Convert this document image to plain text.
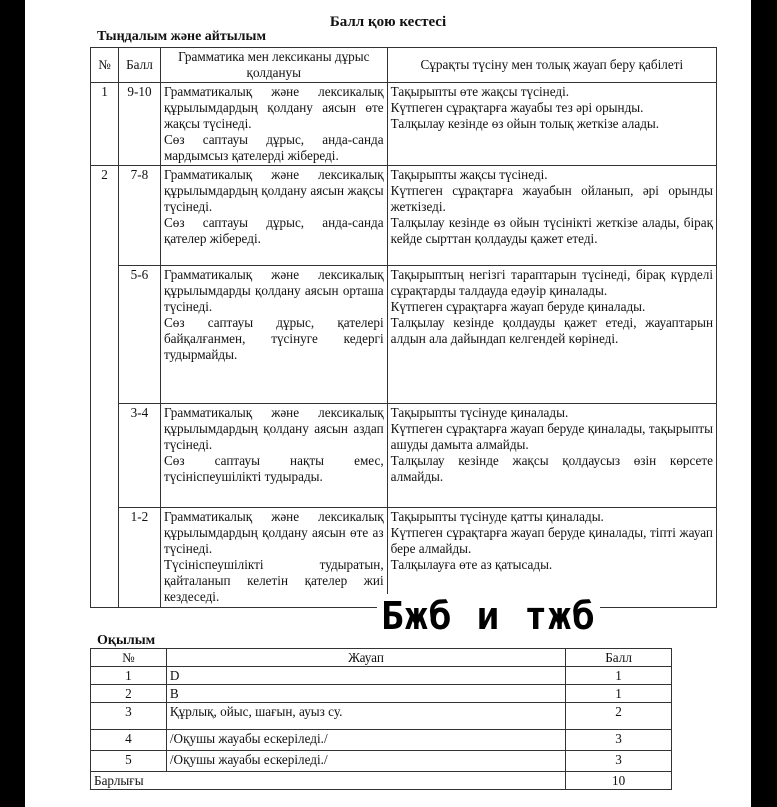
Балл қою кестесі
Тыңдалым және айтылым
№	Балл	Грамматика мен лексиканы дұрыс қолдануы	Сұрақты түсіну мен толық жауап беру қабілеті
1	9-10	Грамматикалық және лексикалық құрылымдардың қолдану аясын өте жақсы түсінеді.
Сөз саптауы дұрыс, анда-санда мардымсыз қателерді жібереді.	Тақырыпты өте жақсы түсінеді.
Күтпеген сұрақтарға жауабы тез әрі орынды.
Талқылау кезінде өз ойын толық жеткізе алады.

2	7-8	Грамматикалық және лексикалық құрылымдардың қолдану аясын жақсы түсінеді.
Сөз саптауы дұрыс, анда-санда қателер жібереді.	Тақырыпты жақсы түсінеді.
Күтпеген сұрақтарға жауабын ойланып, әрі орынды жеткізеді.
Талқылау кезінде өз ойын түсінікті жеткізе алады, бірақ кейде сырттан қолдауды қажет етеді.

	5-6	Грамматикалық және лексикалық құрылымдарды қолдану аясын орташа түсінеді.
Сөз саптауы дұрыс, қателері байқалғанмен, түсінуге кедергі тудырмайды.	Тақырыптың негізгі тараптарын түсінеді, бірақ күрделі сұрақтарды талдауда едәуір қиналады.
Күтпеген сұрақтарға жауап беруде қиналады.
Талқылау кезінде қолдауды қажет етеді, жауаптарын алдын ала дайындап келгендей көрінеді.

	3-4	Грамматикалық және лексикалық құрылымдардың қолдану аясын аздап түсінеді.
Сөз саптауы нақты емес, түсініспеушілікті тудырады.	Тақырыпты түсінуде қиналады.
Күтпеген сұрақтарға жауап беруде қиналады, тақырыпты ашуды дамыта алмайды.
Талқылау кезінде жақсы қолдаусыз өзін көрсете алмайды.

	1-2	Грамматикалық және лексикалық құрылымдардың қолдану аясын өте аз түсінеді.
Түсініспеушілікті тудыратын, қайталанып келетін қателер жиі кездеседі.	Тақырыпты түсінуде қатты қиналады.
Күтпеген сұрақтарға жауап беруде қиналады, тіпті жауап бере алмайды.
Талқылауға өте аз қатысады.
Бжб и тжб
Оқылым
№	Жауап	Балл
1	D	1
2	B	1
3	Құрлық, ойыс, шағын, ауыз су.	2
4	/Оқушы жауабы ескеріледі./	3
5	/Оқушы жауабы ескеріледі./	3
Барлығы		10
